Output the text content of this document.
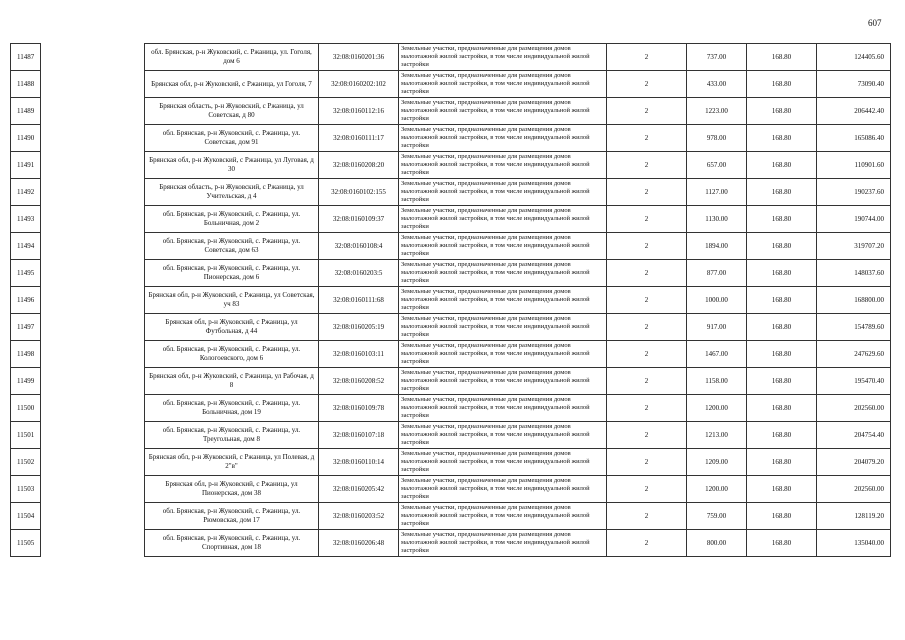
607
11487		обл. Брянская, р-н Жуковский, с. Ржаница, ул. Гоголя, дом 6	32:08:0160201:36	Земельные участки, предназначенные для размещения домов малоэтажной жилой застройки, в том числе индивидуальной жилой застройки	2	737.00	168.80	124405.60
11488		Брянская обл, р-н Жуковский, с Ржаница, ул Гоголя, 7	32:08:0160202:102	Земельные участки, предназначенные для размещения домов малоэтажной жилой застройки, в том числе индивидуальной жилой застройки	2	433.00	168.80	73090.40
11489		Брянская область, р-н Жуковский, с Ржаница, ул Советская, д 80	32:08:0160112:16	Земельные участки, предназначенные для размещения домов малоэтажной жилой застройки, в том числе индивидуальной жилой застройки	2	1223.00	168.80	206442.40
11490		обл. Брянская, р-н Жуковский, с. Ржаница, ул. Советская, дом 91	32:08:0160111:17	Земельные участки, предназначенные для размещения домов малоэтажной жилой застройки, в том числе индивидуальной жилой застройки	2	978.00	168.80	165086.40
11491		Брянская обл, р-н Жуковский, с Ржаница, ул Луговая, д 30	32:08:0160208:20	Земельные участки, предназначенные для размещения домов малоэтажной жилой застройки, в том числе индивидуальной жилой застройки	2	657.00	168.80	110901.60
11492		Брянская область, р-н Жуковский, с Ржаница, ул Учительская, д 4	32:08:0160102:155	Земельные участки, предназначенные для размещения домов малоэтажной жилой застройки, в том числе индивидуальной жилой застройки	2	1127.00	168.80	190237.60
11493		обл. Брянская, р-н Жуковский, с. Ржаница, ул. Больничная, дом 2	32:08:0160109:37	Земельные участки, предназначенные для размещения домов малоэтажной жилой застройки, в том числе индивидуальной жилой застройки	2	1130.00	168.80	190744.00
11494		обл. Брянская, р-н Жуковский, с. Ржаница, ул. Советская, дом 63	32:08:0160108:4	Земельные участки, предназначенные для размещения домов малоэтажной жилой застройки, в том числе индивидуальной жилой застройки	2	1894.00	168.80	319707.20
11495		обл. Брянская, р-н Жуковский, с. Ржаница, ул. Пионерская, дом 6	32:08:0160203:5	Земельные участки, предназначенные для размещения домов малоэтажной жилой застройки, в том числе индивидуальной жилой застройки	2	877.00	168.80	148037.60
11496		Брянская обл, р-н Жуковский, с Ржаница, ул Советская, уч 83	32:08:0160111:68	Земельные участки, предназначенные для размещения домов малоэтажной жилой застройки, в том числе индивидуальной жилой застройки	2	1000.00	168.80	168800.00
11497		Брянская обл, р-н Жуковский, с Ржаница, ул Футбольная, д 44	32:08:0160205:19	Земельные участки, предназначенные для размещения домов малоэтажной жилой застройки, в том числе индивидуальной жилой застройки	2	917.00	168.80	154789.60
11498		обл. Брянская, р-н Жуковский, с. Ржаница, ул. Кологоевского, дом 6	32:08:0160103:11	Земельные участки, предназначенные для размещения домов малоэтажной жилой застройки, в том числе индивидуальной жилой застройки	2	1467.00	168.80	247629.60
11499		Брянская обл, р-н Жуковский, с Ржаница, ул Рабочая, д 8	32:08:0160208:52	Земельные участки, предназначенные для размещения домов малоэтажной жилой застройки, в том числе индивидуальной жилой застройки	2	1158.00	168.80	195470.40
11500		обл. Брянская, р-н Жуковский, с. Ржаница, ул. Больничная, дом 19	32:08:0160109:78	Земельные участки, предназначенные для размещения домов малоэтажной жилой застройки, в том числе индивидуальной жилой застройки	2	1200.00	168.80	202560.00
11501		обл. Брянская, р-н Жуковский, с. Ржаница, ул. Треугольная, дом 8	32:08:0160107:18	Земельные участки, предназначенные для размещения домов малоэтажной жилой застройки, в том числе индивидуальной жилой застройки	2	1213.00	168.80	204754.40
11502		Брянская обл, р-н Жуковский, с Ржаница, ул Полевая, д 2"в"	32:08:0160110:14	Земельные участки, предназначенные для размещения домов малоэтажной жилой застройки, в том числе индивидуальной жилой застройки	2	1209.00	168.80	204079.20
11503		Брянская обл, р-н Жуковский, с Ржаница, ул Пионерская, дом 38	32:08:0160205:42	Земельные участки, предназначенные для размещения домов малоэтажной жилой застройки, в том числе индивидуальной жилой застройки	2	1200.00	168.80	202560.00
11504		обл. Брянская, р-н Жуковский, с. Ржаница, ул. Рюмовская, дом 17	32:08:0160203:52	Земельные участки, предназначенные для размещения домов малоэтажной жилой застройки, в том числе индивидуальной жилой застройки	2	759.00	168.80	128119.20
11505		обл. Брянская, р-н Жуковский, с. Ржаница, ул. Спортивная, дом 18	32:08:0160206:48	Земельные участки, предназначенные для размещения домов малоэтажной жилой застройки, в том числе индивидуальной жилой застройки	2	800.00	168.80	135040.00
